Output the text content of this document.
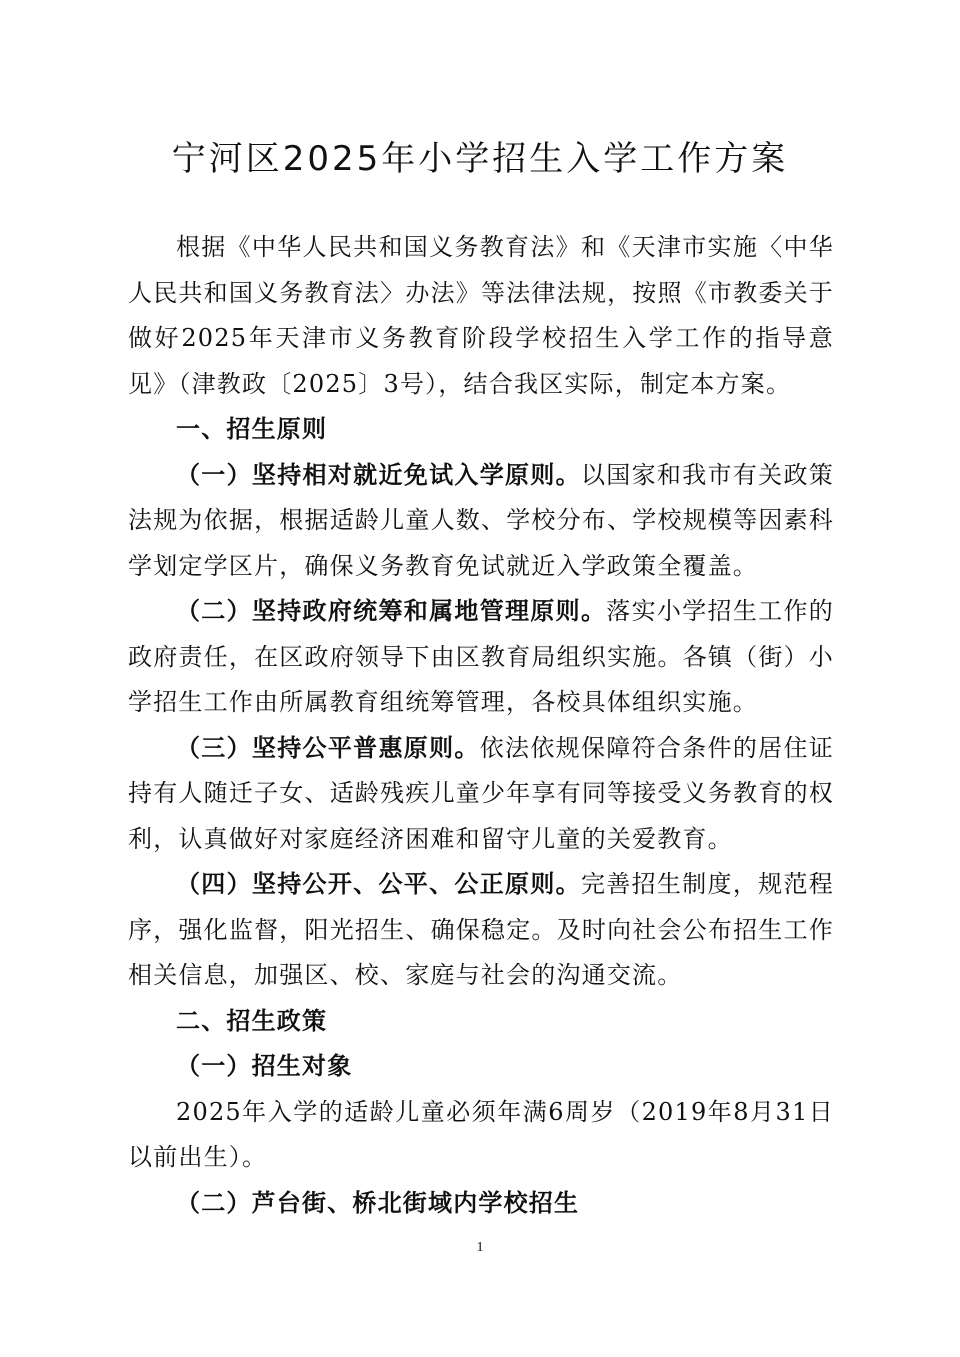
宁河区2025年小学招生入学工作方案

根据《中华人民共和国义务教育法》和《天津市实施〈中华人民共和国义务教育法〉办法》等法律法规，按照《市教委关于做好2025年天津市义务教育阶段学校招生入学工作的指导意见》（津教政〔2025〕3号），结合我区实际，制定本方案。

一、招生原则

（一）坚持相对就近免试入学原则。以国家和我市有关政策法规为依据，根据适龄儿童人数、学校分布、学校规模等因素科学划定学区片，确保义务教育免试就近入学政策全覆盖。

（二）坚持政府统筹和属地管理原则。落实小学招生工作的政府责任，在区政府领导下由区教育局组织实施。各镇（街）小学招生工作由所属教育组统筹管理，各校具体组织实施。

（三）坚持公平普惠原则。依法依规保障符合条件的居住证持有人随迁子女、适龄残疾儿童少年享有同等接受义务教育的权利，认真做好对家庭经济困难和留守儿童的关爱教育。

（四）坚持公开、公平、公正原则。完善招生制度，规范程序，强化监督，阳光招生、确保稳定。及时向社会公布招生工作相关信息，加强区、校、家庭与社会的沟通交流。

二、招生政策

（一）招生对象

2025年入学的适龄儿童必须年满6周岁（2019年8月31日以前出生）。

（二）芦台街、桥北街域内学校招生

1
